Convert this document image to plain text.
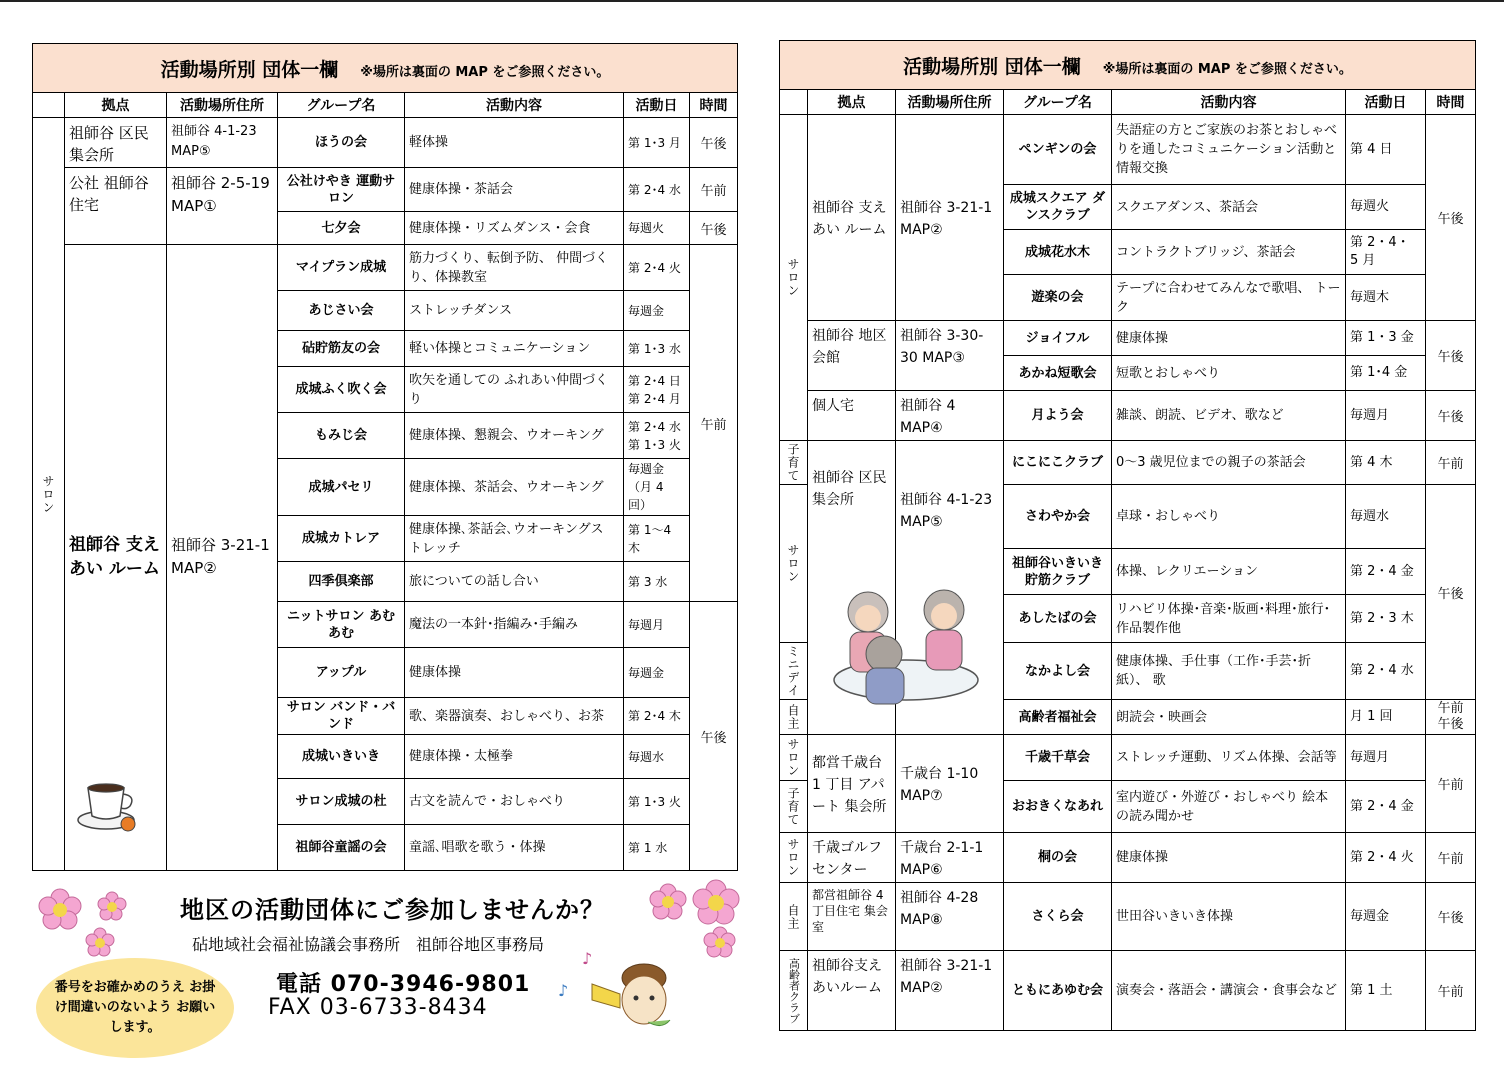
活動場所別 団体一欄 ※場所は裏面の MAP をご参照ください。						
	拠点	活動場所住所	グループ名	活動内容	活動日	時間
サロン	祖師谷 区民集会所	祖師谷 4-1-23 MAP⑤	ほうの会	軽体操	第 1･3 月	午後
	公社 祖師谷 住宅	祖師谷 2-5-19 MAP①	公社けやき 運動サロン	健康体操・茶話会	第 2･4 水	午前
			七夕会	健康体操・リズムダンス・会食	毎週火	午後
	祖師谷 支えあい ルーム	祖師谷 3-21-1 MAP②	マイプラン成城	筋力づくり、転倒予防、 仲間づくり、体操教室	第 2･4 火	午前
			あじさい会	ストレッチダンス	毎週金	
			砧貯筋友の会	軽い体操とコミュニケーション	第 1･3 水	
			成城ふく吹く会	吹矢を通しての ふれあい仲間づくり	第 2･4 日 第 2･4 月	
			もみじ会	健康体操、懇親会、ウオーキング	第 2･4 水 第 1･3 火	
			成城パセリ	健康体操、茶話会、ウオーキング	毎週金 （月 4 回）	
			成城カトレア	健康体操､茶話会､ウオーキングス トレッチ	第 1～4 木	
			四季倶楽部	旅についての話し合い	第 3 水	
			ニットサロン あむあむ	魔法の一本針･指編み･手編み	毎週月	午後
			アップル	健康体操	毎週金	
			サロン バンド・バンド	歌、楽器演奏、おしゃべり、お茶	第 2･4 木	
			成城いきいき	健康体操・太極拳	毎週水	
			サロン成城の杜	古文を読んで・おしゃべり	第 1･3 火	
			祖師谷童謡の会	童謡､唱歌を歌う・体操	第 1 水	
活動場所別 団体一欄 ※場所は裏面の MAP をご参照ください。						
	拠点	活動場所住所	グループ名	活動内容	活動日	時間
サロン	祖師谷 支えあい ルーム	祖師谷 3-21-1 MAP②	ペンギンの会	失語症の方とご家族のお茶とおしゃべりを通したコミュニケーション活動と情報交換	第 4 日	午後
			成城スクエア ダンスクラブ	スクエアダンス、茶話会	毎週火	
			成城花水木	コントラクトブリッジ、茶話会	第 2・4・ 5 月	
			遊楽の会	テープに合わせてみんなで歌唱、 トーク	毎週木	
	祖師谷 地区会館	祖師谷 3-30-30 MAP③	ジョイフル	健康体操	第 1・3 金	午後
			あかね短歌会	短歌とおしゃべり	第 1･4 金	
	個人宅	祖師谷 4 MAP④	月よう会	雑談、朗読、ビデオ、歌など	毎週月	午後
子育て	祖師谷 区民集会所	祖師谷 4-1-23 MAP⑤	にこにこクラブ	0～3 歳児位までの親子の茶話会	第 4 木	午前
サロン			さわやか会	卓球・おしゃべり	毎週水	午後
			祖師谷いきいき 貯筋クラブ	体操、レクリエーション	第 2・4 金	
			あしたばの会	リハビリ体操･音楽･版画･料理･旅行･ 作品製作他	第 2・3 木	
ミニデイ			なかよし会	健康体操、手仕事（工作･手芸･折紙）、 歌	第 2・4 水	
自主			高齢者福祉会	朗読会・映画会	月 1 回	午前 午後
サロン	都営千歳台 1 丁目 アパート 集会所	千歳台 1-10 MAP⑦	千歳千草会	ストレッチ運動、リズム体操、会話等	毎週月	午前
子育て			おおきくなあれ	室内遊び・外遊び・おしゃべり 絵本の読み聞かせ	第 2・4 金	
サロン	千歳ゴルフ センター	千歳台 2-1-1 MAP⑥	桐の会	健康体操	第 2・4 火	午前
自主	都営祖師谷 4 丁目住宅 集会室	祖師谷 4-28 MAP⑧	さくら会	世田谷いきいき体操	毎週金	午後
高齢者クラブ	祖師谷支え あいルーム	祖師谷 3-21-1 MAP②	ともにあゆむ会	演奏会・落語会・講演会・食事会など	第 1 土	午前
♪
♪
地区の活動団体にご参加しませんか？
砧地域社会福祉協議会事務所　祖師谷地区事務局
電話 070-3946-9801
FAX 03-6733-8434
番号をお確かめのうえ お掛け間違いのないよう お願いします。
